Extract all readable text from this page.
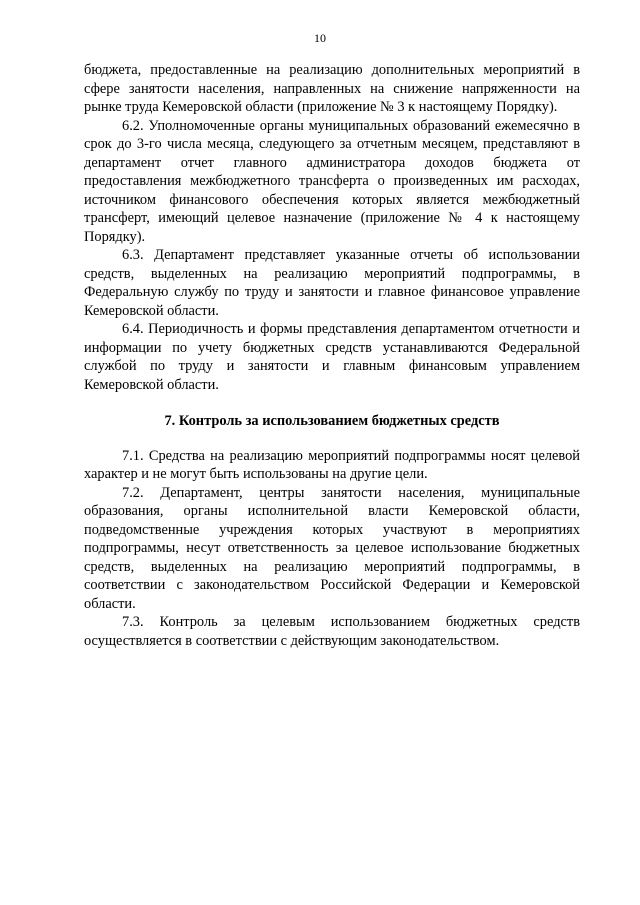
10

бюджета, предоставленные на реализацию дополнительных мероприятий в сфере занятости населения, направленных на снижение напряженности на рынке труда Кемеровской области (приложение № 3 к настоящему Порядку).

6.2. Уполномоченные органы муниципальных образований ежемесячно в срок до 3-го числа месяца, следующего за отчетным месяцем, представляют в департамент отчет главного администратора доходов бюджета от предоставления межбюджетного трансферта о произведенных им расходах, источником финансового обеспечения которых является межбюджетный трансферт, имеющий целевое назначение (приложение № 4 к настоящему Порядку).

6.3. Департамент представляет указанные отчеты об использовании средств, выделенных на реализацию мероприятий подпрограммы, в Федеральную службу по труду и занятости и главное финансовое управление Кемеровской области.

6.4. Периодичность и формы представления департаментом отчетности и информации по учету бюджетных средств устанавливаются Федеральной службой по труду и занятости и главным финансовым управлением Кемеровской области.

7. Контроль за использованием бюджетных средств

7.1. Средства на реализацию мероприятий подпрограммы носят целевой характер и не могут быть использованы на другие цели.

7.2. Департамент, центры занятости населения, муниципальные образования, органы исполнительной власти Кемеровской области, подведомственные учреждения которых участвуют в мероприятиях подпрограммы, несут ответственность за целевое использование бюджетных средств, выделенных на реализацию мероприятий подпрограммы, в соответствии с законодательством Российской Федерации и Кемеровской области.

7.3. Контроль за целевым использованием бюджетных средств осуществляется в соответствии с действующим законодательством.
